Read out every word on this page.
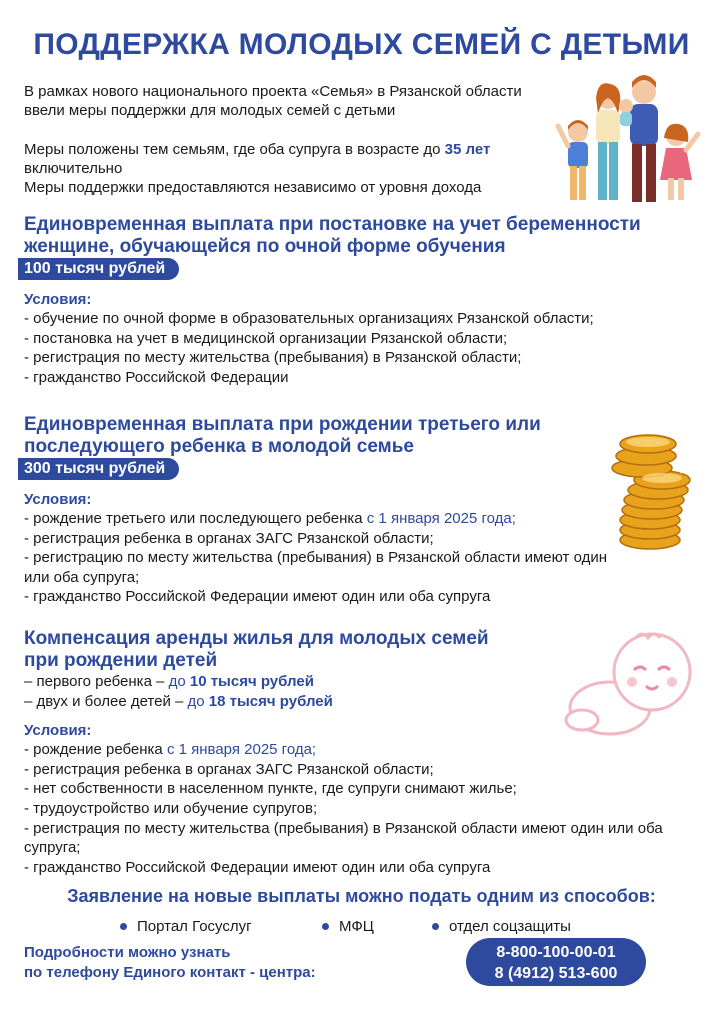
ПОДДЕРЖКА МОЛОДЫХ СЕМЕЙ С ДЕТЬМИ

В рамках нового национального проекта «Семья» в Рязанской области ввели меры поддержки для молодых семей с детьми

Меры положены тем семьям, где оба супруга в возрасте до 35 лет
включительно

Меры поддержки предоставляются независимо от уровня дохода

Единовременная выплата при постановке на учет беременности женщине, обучающейся по очной форме обучения

100 тысяч рублей
Условия:
- обучение по очной форме в образовательных организациях Рязанской области;
- постановка на учет в медицинской организации Рязанской области;
- регистрация по месту жительства (пребывания) в Рязанской области;
- гражданство Российской Федерации

Единовременная выплата при рождении третьего или последующего ребенка в молодой семье

300 тысяч рублей
Условия:
- рождение третьего или последующего ребенка с 1 января 2025 года;
- регистрация ребенка в органах ЗАГС Рязанской области;
- регистрацию по месту жительства (пребывания) в Рязанской области имеют один или оба супруга;
- гражданство Российской Федерации имеют один или оба супруга

Компенсация аренды жилья для молодых семей при рождении детей

– первого ребенка – до 10 тысяч рублей
– двух и более детей – до 18 тысяч рублей
Условия:
- рождение ребенка с 1 января 2025 года;
- регистрация ребенка в органах ЗАГС Рязанской области;
- нет собственности в населенном пункте, где супруги снимают жилье;
- трудоустройство или обучение супругов;
- регистрация по месту жительства (пребывания) в Рязанской области имеют один или оба супруга;
- гражданство Российской Федерации имеют один или оба супруга
Заявление на новые выплаты можно подать одним из способов:
Портал Госуслуг	МФЦ	отдел соцзащиты
Подробности можно узнать
по телефону Единого контакт - центра:
8-800-100-00-01
8 (4912) 513-600
